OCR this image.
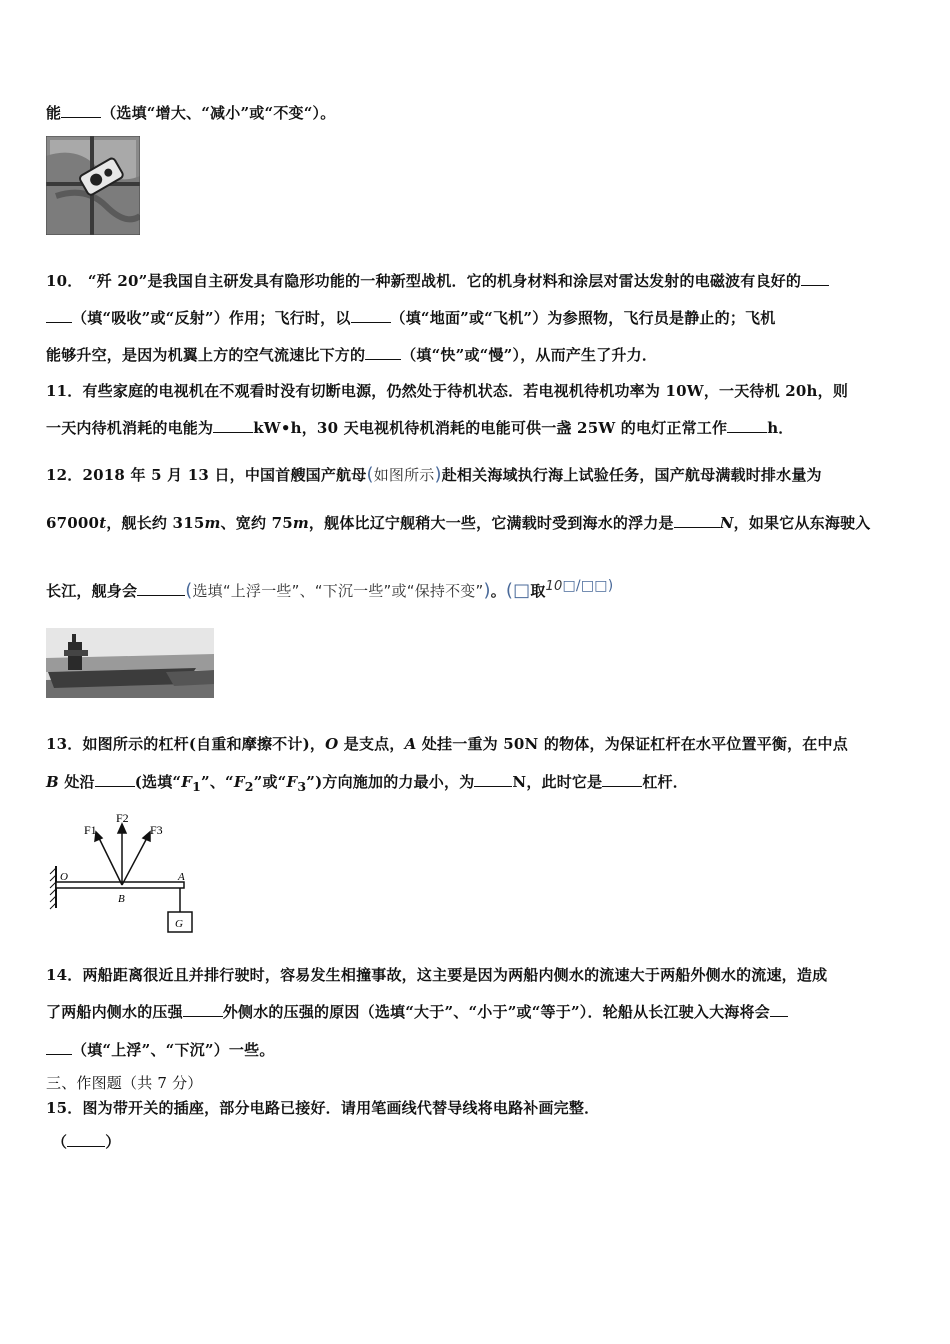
能	（选填“增大、“减小”或“不变“）。
10． “歼 20”是我国自主研发具有隐形功能的一种新型战机．它的机身材料和涂层对雷达发射的电磁波有良好的
（填“吸收”或“反射”）作用；飞行时，以	（填“地面”或“飞机”）为参照物，飞行员是静止的；飞机
能够升空，是因为机翼上方的空气流速比下方的 （填“快”或“慢”），从而产生了升力．
11．有些家庭的电视机在不观看时没有切断电源，仍然处于待机状态．若电视机待机功率为 10W，一天待机 20h，则
一天内待机消耗的电能为	kW•h，30 天电视机待机消耗的电能可供一盏 25W 的电灯正常工作	h．
12．2018 年 5 月 13 日，中国首艘国产航母(如图所示)赴相关海域执行海上试验任务，国产航母满载时排水量为
67000t，舰长约 315m、宽约 75m，舰体比辽宁舰稍大一些，它满载时受到海水的浮力是	N，如果它从东海驶入
长江，舰身会	(选填“上浮一些”、“下沉一些”或“保持不变”)。(□取10□/□□)
13．如图所示的杠杆(自重和摩擦不计)，O 是支点，A 处挂一重为 50N 的物体，为保证杠杆在水平位置平衡，在中点
B 处沿	(选填“$F_1$”、“$F_2$”或“$F_3$”)方向施加的力最小，为	N，此时它是	杠杆．
F1
F2
F3
O	A
B
G
14．两船距离很近且并排行驶时，容易发生相撞事故，这主要是因为两船内侧水的流速大于两船外侧水的流速，造成
了两船内侧水的压强	外侧水的压强的原因（选填“大于”、“小于”或“等于”）．轮船从长江驶入大海将会
（填“上浮”、“下沉”）一些。
三、作图题（共 7 分）
15．图为带开关的插座，部分电路已接好．请用笔画线代替导线将电路补画完整．
（	）
